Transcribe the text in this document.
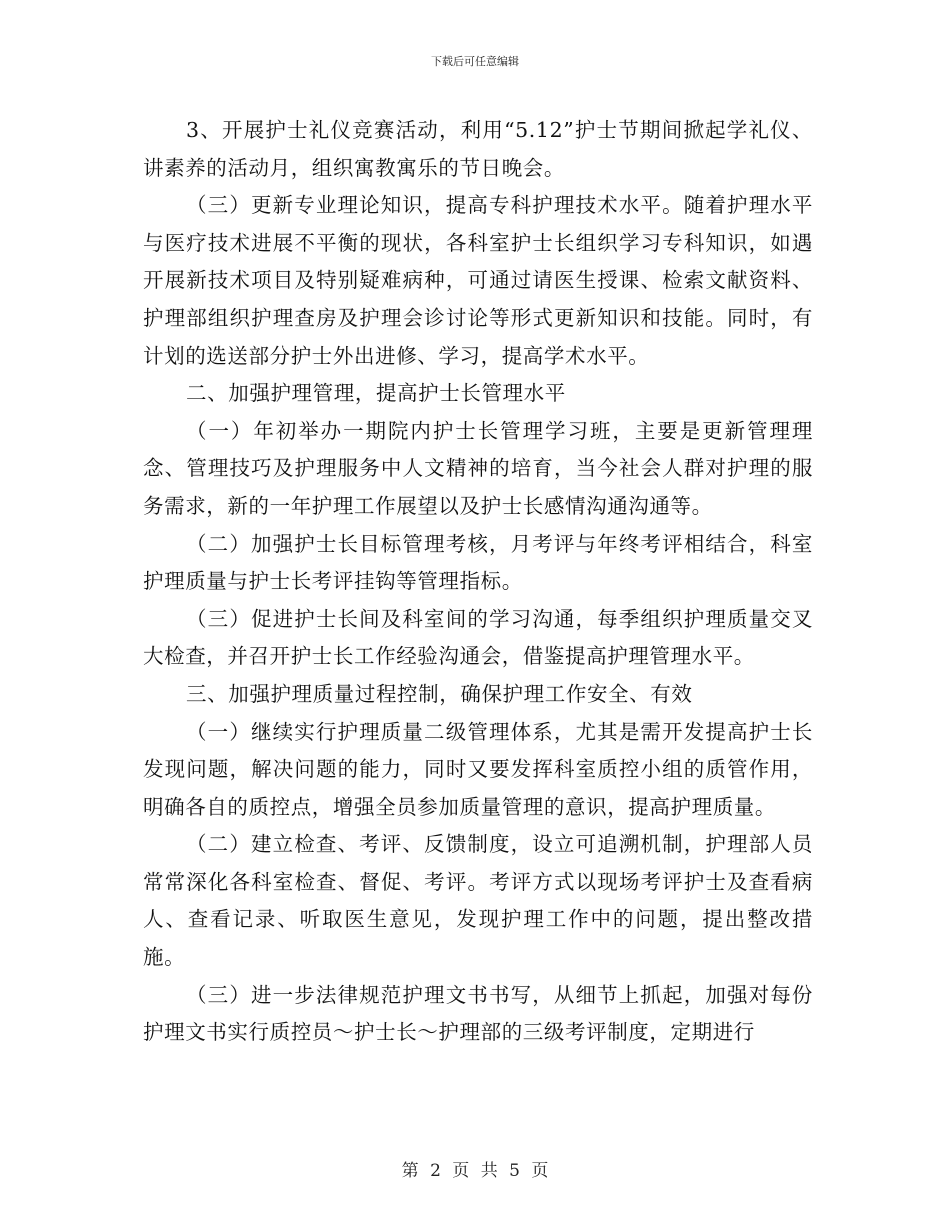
下载后可任意编辑

3、开展护士礼仪竞赛活动，利用“5.12”护士节期间掀起学礼仪、讲素养的活动月，组织寓教寓乐的节日晚会。

（三）更新专业理论知识，提高专科护理技术水平。随着护理水平与医疗技术进展不平衡的现状，各科室护士长组织学习专科知识，如遇开展新技术项目及特别疑难病种，可通过请医生授课、检索文献资料、护理部组织护理查房及护理会诊讨论等形式更新知识和技能。同时，有计划的选送部分护士外出进修、学习，提高学术水平。

二、加强护理管理，提高护士长管理水平

（一）年初举办一期院内护士长管理学习班，主要是更新管理理念、管理技巧及护理服务中人文精神的培育，当今社会人群对护理的服务需求，新的一年护理工作展望以及护士长感情沟通沟通等。

（二）加强护士长目标管理考核，月考评与年终考评相结合，科室护理质量与护士长考评挂钩等管理指标。

（三）促进护士长间及科室间的学习沟通，每季组织护理质量交叉大检查，并召开护士长工作经验沟通会，借鉴提高护理管理水平。

三、加强护理质量过程控制，确保护理工作安全、有效

（一）继续实行护理质量二级管理体系，尤其是需开发提高护士长发现问题，解决问题的能力，同时又要发挥科室质控小组的质管作用，明确各自的质控点，增强全员参加质量管理的意识，提高护理质量。

（二）建立检查、考评、反馈制度，设立可追溯机制，护理部人员常常深化各科室检查、督促、考评。考评方式以现场考评护士及查看病人、查看记录、听取医生意见，发现护理工作中的问题，提出整改措施。

（三）进一步法律规范护理文书书写，从细节上抓起，加强对每份护理文书实行质控员～护士长～护理部的三级考评制度，定期进行

第 2 页 共 5 页
